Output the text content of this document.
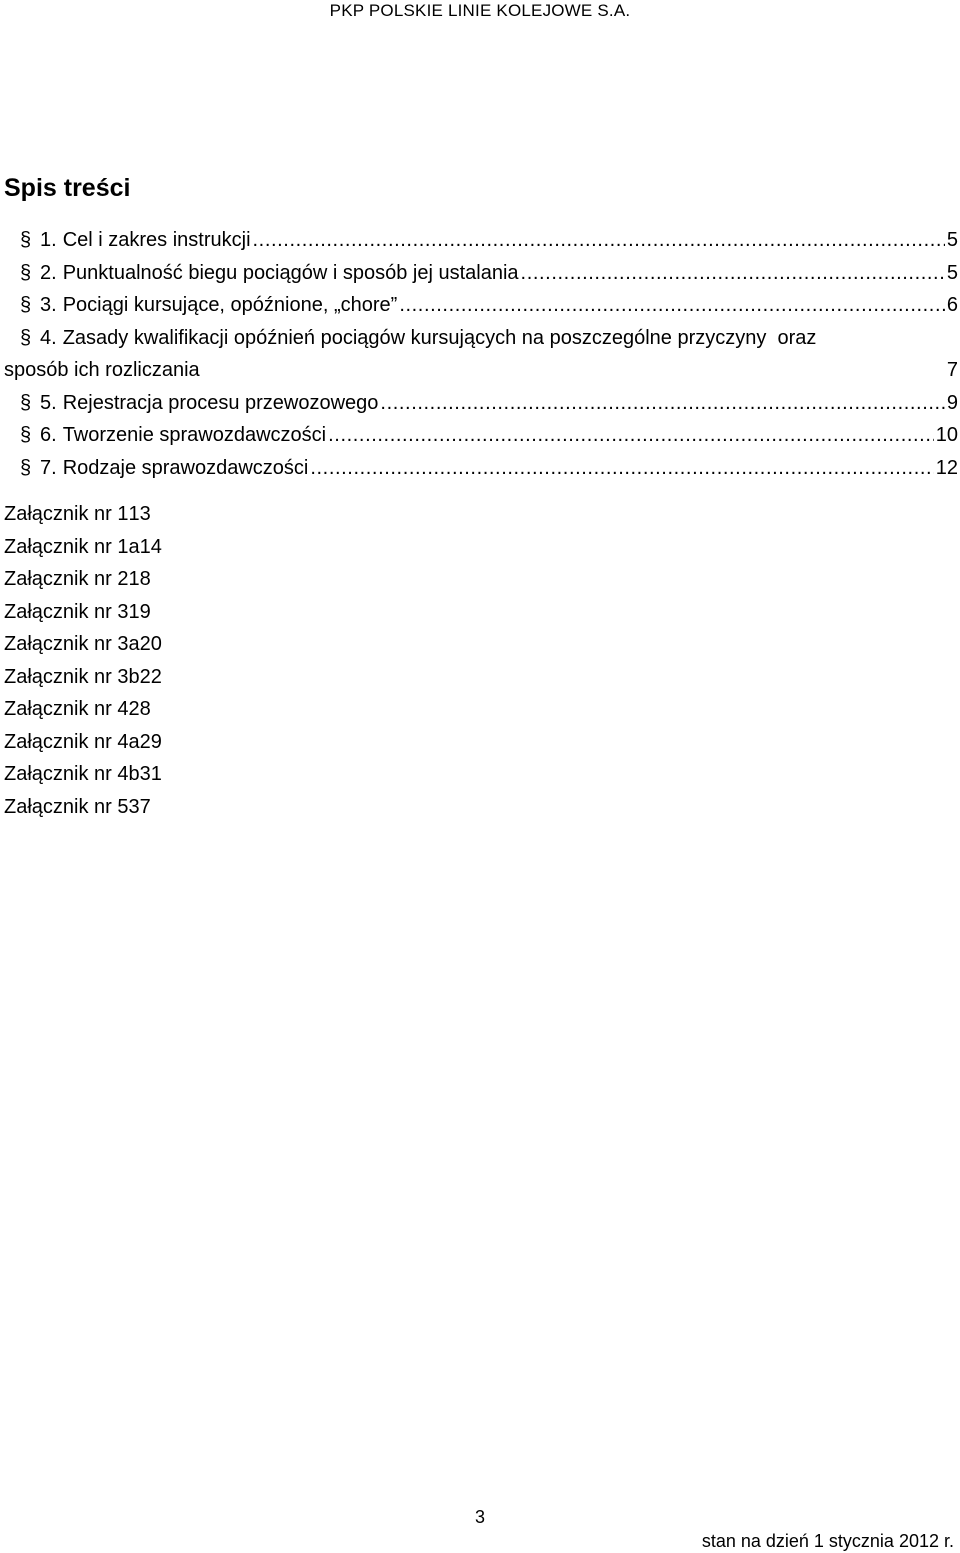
PKP POLSKIE LINIE KOLEJOWE S.A.
Spis treści
§ 1. Cel i zakres instrukcji .....	5
§ 2. Punktualność biegu pociągów i sposób jej ustalania .....	5
§ 3. Pociągi kursujące, opóźnione, „chore” .....	6
§ 4. Zasady kwalifikacji opóźnień pociągów kursujących na poszczególne przyczyny  oraz
sposób ich rozliczania	7
§ 5. Rejestracja procesu przewozowego .....	9
§ 6. Tworzenie sprawozdawczości .....	10
§ 7. Rodzaje sprawozdawczości .....	12
Załącznik nr 1 13
Załącznik nr 1a 14
Załącznik nr 2 18
Załącznik nr 3 19
Załącznik nr 3a 20
Załącznik nr 3b 22
Załącznik nr 4 28
Załącznik nr 4a 29
Załącznik nr 4b 31
Załącznik nr 5 37
3
stan na dzień 1 stycznia 2012 r.
